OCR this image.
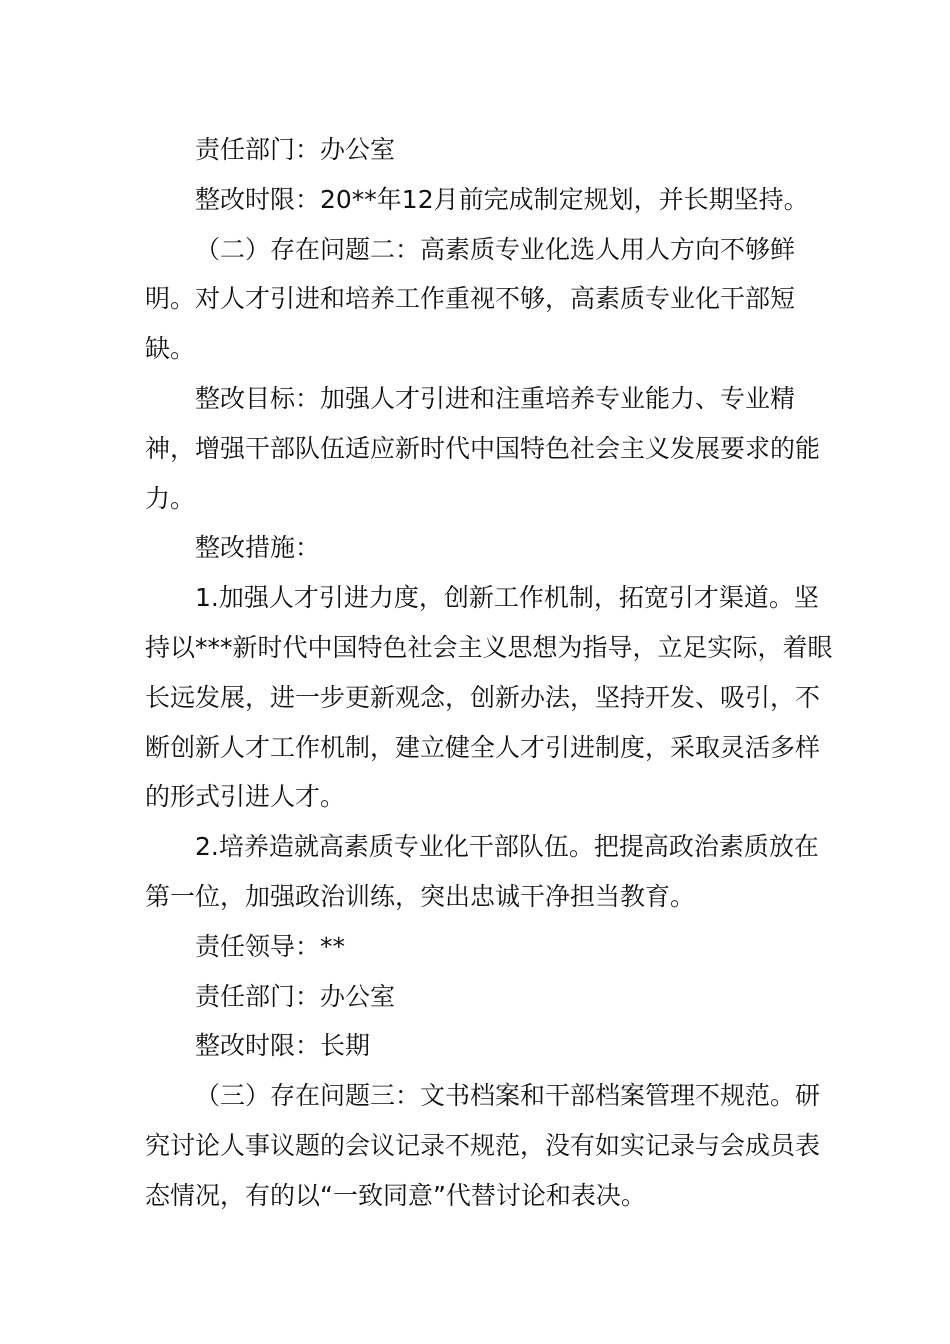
责任部门：办公室

整改时限：20**年12月前完成制定规划，并长期坚持。

（二）存在问题二：高素质专业化选人用人方向不够鲜明。对人才引进和培养工作重视不够，高素质专业化干部短缺。

整改目标：加强人才引进和注重培养专业能力、专业精神，增强干部队伍适应新时代中国特色社会主义发展要求的能力。

整改措施：

1.加强人才引进力度，创新工作机制，拓宽引才渠道。坚持以***新时代中国特色社会主义思想为指导，立足实际，着眼长远发展，进一步更新观念，创新办法，坚持开发、吸引，不断创新人才工作机制，建立健全人才引进制度，采取灵活多样的形式引进人才。

2.培养造就高素质专业化干部队伍。把提高政治素质放在第一位，加强政治训练，突出忠诚干净担当教育。

责任领导：**

责任部门：办公室

整改时限：长期

（三）存在问题三：文书档案和干部档案管理不规范。研究讨论人事议题的会议记录不规范，没有如实记录与会成员表态情况，有的以“一致同意”代替讨论和表决。
